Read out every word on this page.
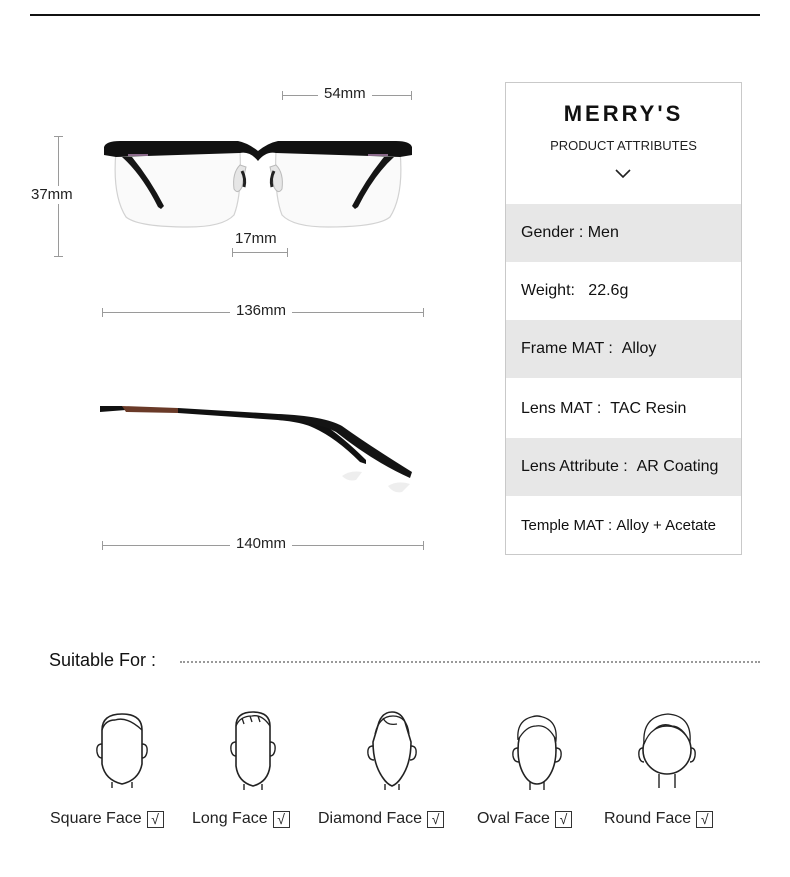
54mm
37mm
17mm
136mm
140mm
MERRY'S
PRODUCT ATTRIBUTES
Gender :
Men
Weight:
22.6g
Frame MAT :
Alloy
Lens MAT :
TAC Resin
Lens Attribute :
AR Coating
Temple MAT :
Alloy + Acetate
Suitable For :
Square Face √ Long Face √ Diamond Face √ Oval Face √ Round Face √
